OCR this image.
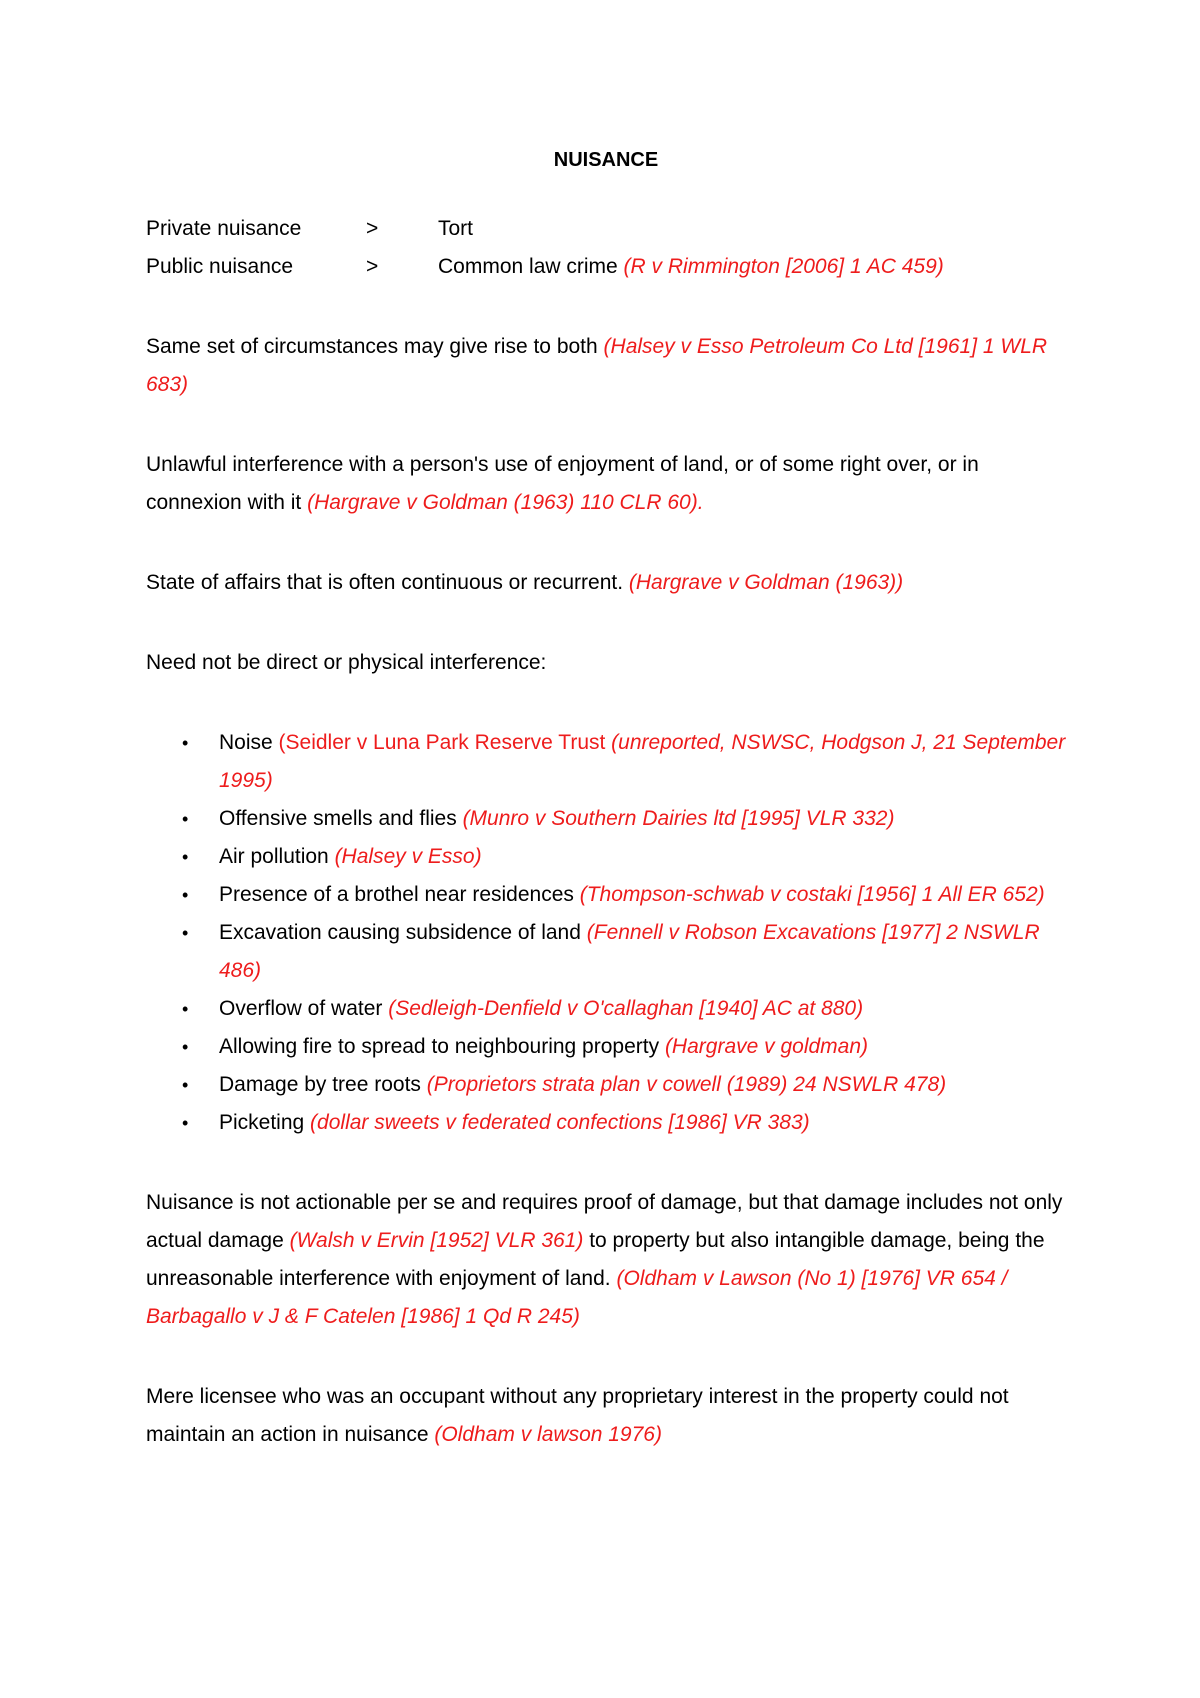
NUISANCE
Private nuisance	>	Tort
Public nuisance	>	Common law crime (R v Rimmington [2006] 1 AC 459)

Same set of circumstances may give rise to both (Halsey v Esso Petroleum Co Ltd [1961] 1 WLR 683)

Unlawful interference with a person's use of enjoyment of land, or of some right over, or in connexion with it (Hargrave v Goldman (1963) 110 CLR 60).

State of affairs that is often continuous or recurrent. (Hargrave v Goldman (1963))

Need not be direct or physical interference:

• Noise (Seidler v Luna Park Reserve Trust (unreported, NSWSC, Hodgson J, 21 September 1995)
• Offensive smells and flies (Munro v Southern Dairies ltd [1995] VLR 332)
• Air pollution (Halsey v Esso)
• Presence of a brothel near residences (Thompson-schwab v costaki [1956] 1 All ER 652)
• Excavation causing subsidence of land (Fennell v Robson Excavations [1977] 2 NSWLR 486)
• Overflow of water (Sedleigh-Denfield v O'callaghan [1940] AC at 880)
• Allowing fire to spread to neighbouring property (Hargrave v goldman)
• Damage by tree roots (Proprietors strata plan v cowell (1989) 24 NSWLR 478)
• Picketing (dollar sweets v federated confections [1986] VR 383)

Nuisance is not actionable per se and requires proof of damage, but that damage includes not only actual damage (Walsh v Ervin [1952] VLR 361) to property but also intangible damage, being the unreasonable interference with enjoyment of land. (Oldham v Lawson (No 1) [1976] VR 654 / Barbagallo v J & F Catelen [1986] 1 Qd R 245)

Mere licensee who was an occupant without any proprietary interest in the property could not maintain an action in nuisance (Oldham v lawson 1976)
